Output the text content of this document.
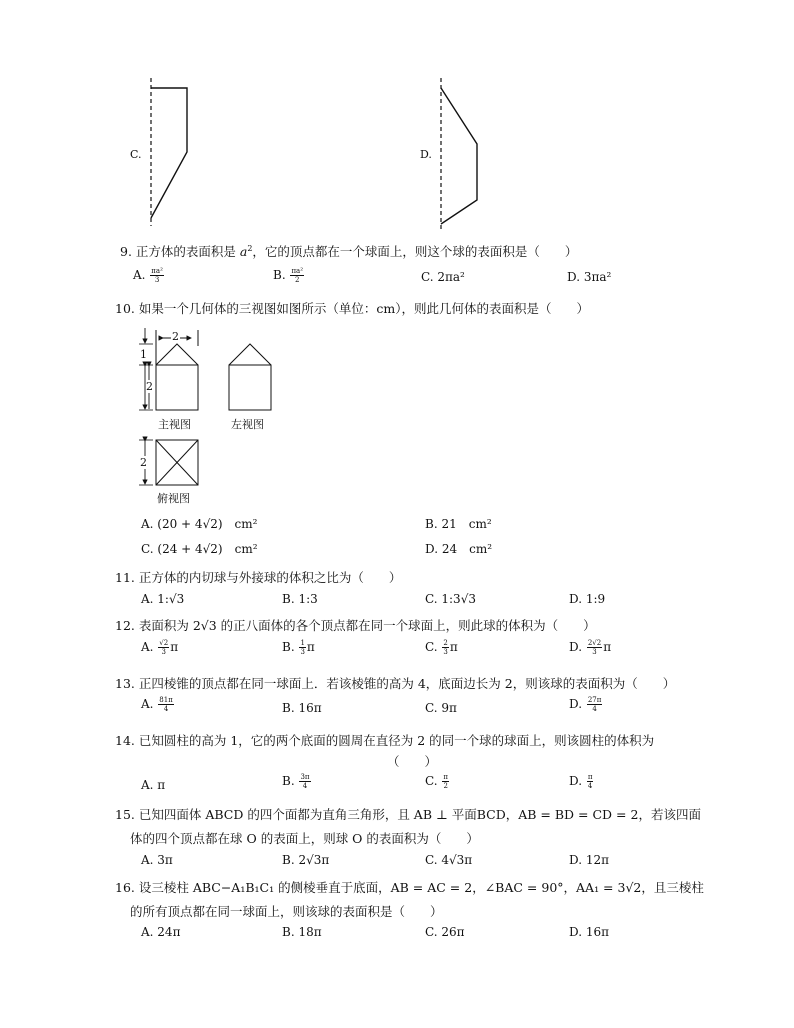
C.	D.
9. 正方体的表面积是 $a^2$，它的顶点都在一个球面上，则这个球的表面积是（　　）
A. $\frac{\text{πa²}}{3}$	B. $\frac{\text{πa²}}{2}$	C. 2πa²	D. 3πa²
10. 如果一个几何体的三视图如图所示（单位：cm），则此几何体的表面积是（　　）
2
1
2
2
主视图	左视图
俯视图
A. (20 + 4√2)　cm²	B. 21　cm²
C. (24 + 4√2)　cm²	D. 24　cm²
11. 正方体的内切球与外接球的体积之比为（　　）
A. 1:√3	B. 1:3	C. 1:3√3	D. 1:9
12. 表面积为 2√3 的正八面体的各个顶点都在同一个球面上，则此球的体积为（　　）
A. $\frac{√2}{3}$ π	B. $\frac{1}{3}$ π	C. $\frac{2}{3}$ π	D. $\frac{2√2}{3}$ π
13. 正四棱锥的顶点都在同一球面上．若该棱锥的高为 4，底面边长为 2，则该球的表面积为（　　）
A. $\frac{81\pi}{4}$	B. 16π	C. 9π	D. $\frac{27\pi}{4}$
14. 已知圆柱的高为 1，它的两个底面的圆周在直径为 2 的同一个球的球面上，则该圆柱的体积为
（　　）
A. π	B. $\frac{3\pi}{4}$	C. $\frac{\pi}{2}$	D. $\frac{\pi}{4}$
15. 已知四面体 ABCD 的四个面都为直角三角形，且 AB ⊥ 平面BCD，AB = BD = CD = 2，若该四面
体的四个顶点都在球 O 的表面上，则球 O 的表面积为（　　）
A. 3π	B. 2√3π	C. 4√3π	D. 12π
16. 设三棱柱 ABC−A₁B₁C₁ 的侧棱垂直于底面，AB = AC = 2，∠BAC = 90°，AA₁ = 3√2，且三棱柱
的所有顶点都在同一球面上，则该球的表面积是（　　）
A. 24π	B. 18π	C. 26π	D. 16π
